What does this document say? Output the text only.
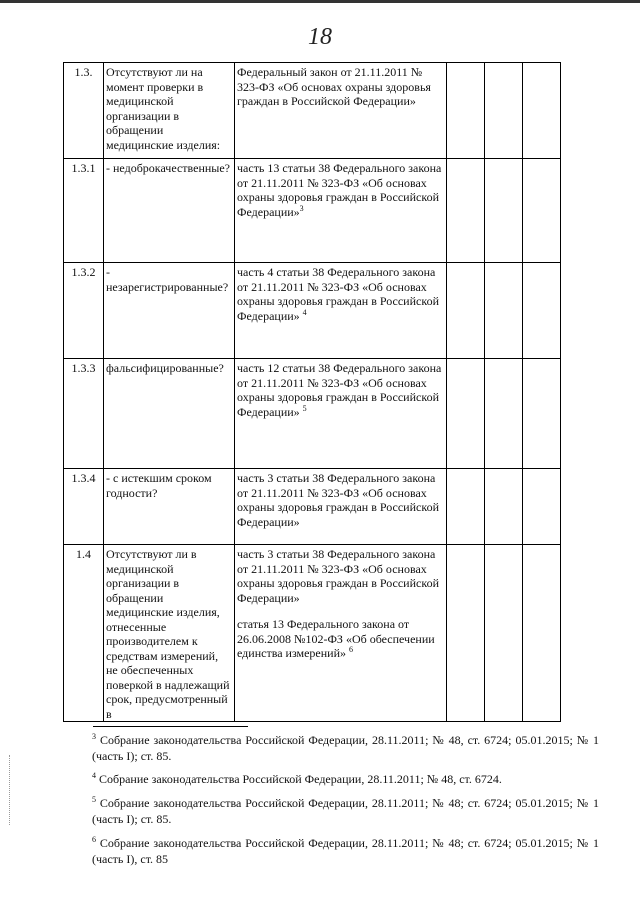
18
1.3.	Отсутствуют ли на момент проверки в медицинской организации в обращении медицинские изделия:	Федеральный закон от 21.11.2011 № 323-ФЗ «Об основах охраны здоровья граждан в Российской Федерации»			
1.3.1	- недоброкачественные?	часть 13 статьи 38 Федерального закона от 21.11.2011 № 323-ФЗ «Об основах охраны здоровья граждан в Российской Федерации»$^3$			
1.3.2	- незарегистрированные?	часть 4 статьи 38 Федерального закона от 21.11.2011 № 323-ФЗ «Об основах охраны здоровья граждан в Российской Федерации» $^4$			
1.3.3	фальсифицированные?	часть 12 статьи 38 Федерального закона от 21.11.2011 № 323-ФЗ «Об основах охраны здоровья граждан в Российской Федерации» $^5$			
1.3.4	- с истекшим сроком годности?	часть 3 статьи 38 Федерального закона от 21.11.2011 № 323-ФЗ «Об основах охраны здоровья граждан в Российской Федерации»			
1.4	Отсутствуют ли в медицинской организации в обращении медицинские изделия, отнесенные производителем к средствам измерений, не обеспеченных поверкой в надлежащий срок, предусмотренный в	часть 3 статьи 38 Федерального закона от 21.11.2011 № 323-ФЗ «Об основах охраны здоровья граждан в Российской Федерации»
статья 13 Федерального закона от 26.06.2008 №102-ФЗ «Об обеспечении единства измерений» $^6$			
$^3$ Собрание законодательства Российской Федерации, 28.11.2011; № 48, ст. 6724; 05.01.2015; № 1 (часть I); ст. 85.
$^4$ Собрание законодательства Российской Федерации, 28.11.2011; № 48, ст. 6724.
$^5$ Собрание законодательства Российской Федерации, 28.11.2011; № 48; ст. 6724; 05.01.2015; № 1 (часть I); ст. 85.
$^6$ Собрание законодательства Российской Федерации, 28.11.2011; № 48; ст. 6724; 05.01.2015; № 1 (часть I), ст. 85
